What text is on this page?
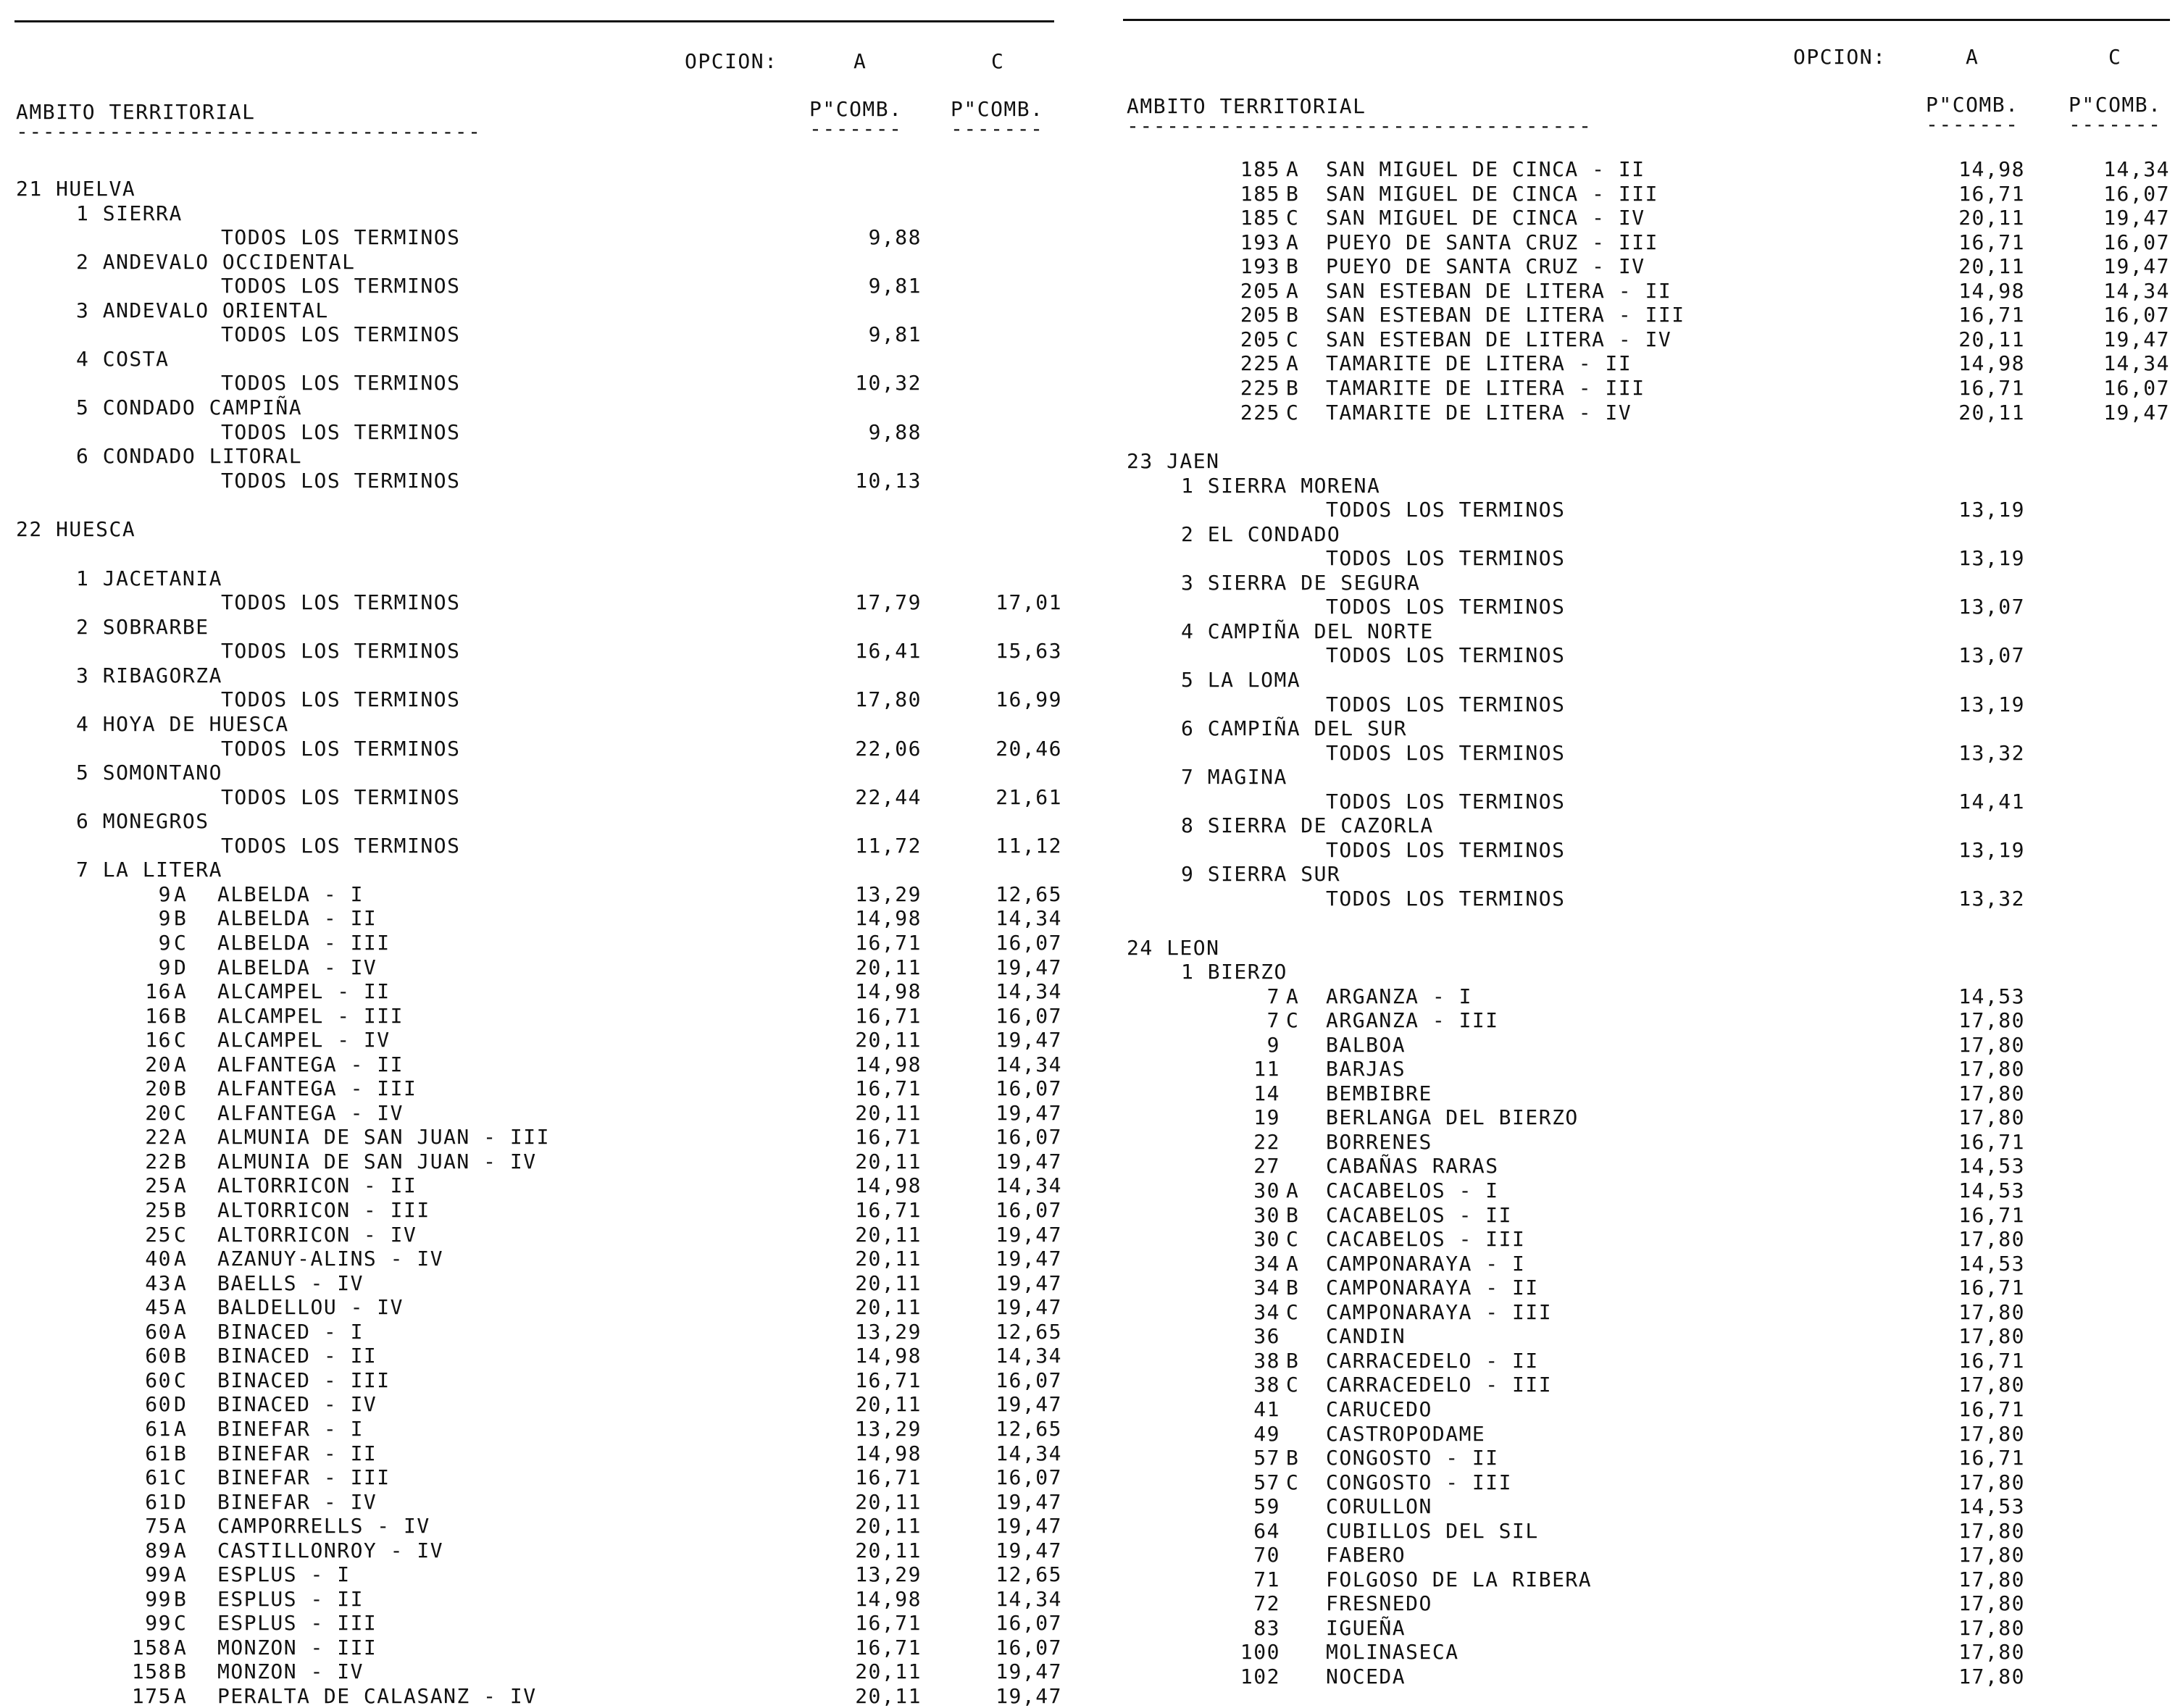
OPCION:	A	C
AMBITO TERRITORIAL	P"COMB. P"COMB.
-----------------------------------	------- -------
21 HUELVA
1 SIERRA
TODOS LOS TERMINOS	9,88
2 ANDEVALO OCCIDENTAL
TODOS LOS TERMINOS	9,81
3 ANDEVALO ORIENTAL
TODOS LOS TERMINOS	9,81
4 COSTA
TODOS LOS TERMINOS	10,32
5 CONDADO CAMPIÑA
TODOS LOS TERMINOS	9,88
6 CONDADO LITORAL
TODOS LOS TERMINOS	10,13
22 HUESCA
1 JACETANIA
TODOS LOS TERMINOS	17,79	17,01
2 SOBRARBE
TODOS LOS TERMINOS	16,41	15,63
3 RIBAGORZA
TODOS LOS TERMINOS	17,80	16,99
4 HOYA DE HUESCA
TODOS LOS TERMINOS	22,06	20,46
5 SOMONTANO
TODOS LOS TERMINOS	22,44	21,61
6 MONEGROS
TODOS LOS TERMINOS	11,72	11,12
7 LA LITERA
9 A ALBELDA - I	13,29	12,65
9 B ALBELDA - II	14,98	14,34
9 C ALBELDA - III	16,71	16,07
9 D ALBELDA - IV	20,11	19,47
16 A ALCAMPEL - II	14,98	14,34
16 B ALCAMPEL - III	16,71	16,07
16 C ALCAMPEL - IV	20,11	19,47
20 A ALFANTEGA - II	14,98	14,34
20 B ALFANTEGA - III	16,71	16,07
20 C ALFANTEGA - IV	20,11	19,47
22 A ALMUNIA DE SAN JUAN - III	16,71	16,07
22 B ALMUNIA DE SAN JUAN - IV	20,11	19,47
25 A ALTORRICON - II	14,98	14,34
25 B ALTORRICON - III	16,71	16,07
25 C ALTORRICON - IV	20,11	19,47
40 A AZANUY-ALINS - IV	20,11	19,47
43 A BAELLS - IV	20,11	19,47
45 A BALDELLOU - IV	20,11	19,47
60 A BINACED - I	13,29	12,65
60 B BINACED - II	14,98	14,34
60 C BINACED - III	16,71	16,07
60 D BINACED - IV	20,11	19,47
61 A BINEFAR - I	13,29	12,65
61 B BINEFAR - II	14,98	14,34
61 C BINEFAR - III	16,71	16,07
61 D BINEFAR - IV	20,11	19,47
75 A CAMPORRELLS - IV	20,11	19,47
89 A CASTILLONROY - IV	20,11	19,47
99 A ESPLUS - I	13,29	12,65
99 B ESPLUS - II	14,98	14,34
99 C ESPLUS - III	16,71	16,07
158 A MONZON - III	16,71	16,07
158 B MONZON - IV	20,11	19,47
175 A PERALTA DE CALASANZ - IV	20,11	19,47
OPCION:	A	C
AMBITO TERRITORIAL	P"COMB. P"COMB.
-----------------------------------	------- -------
185 A SAN MIGUEL DE CINCA - II	14,98	14,34
185 B SAN MIGUEL DE CINCA - III	16,71	16,07
185 C SAN MIGUEL DE CINCA - IV	20,11	19,47
193 A PUEYO DE SANTA CRUZ - III	16,71	16,07
193 B PUEYO DE SANTA CRUZ - IV	20,11	19,47
205 A SAN ESTEBAN DE LITERA - II	14,98	14,34
205 B SAN ESTEBAN DE LITERA - III	16,71	16,07
205 C SAN ESTEBAN DE LITERA - IV	20,11	19,47
225 A TAMARITE DE LITERA - II	14,98	14,34
225 B TAMARITE DE LITERA - III	16,71	16,07
225 C TAMARITE DE LITERA - IV	20,11	19,47
23 JAEN
1 SIERRA MORENA
TODOS LOS TERMINOS	13,19
2 EL CONDADO
TODOS LOS TERMINOS	13,19
3 SIERRA DE SEGURA
TODOS LOS TERMINOS	13,07
4 CAMPIÑA DEL NORTE
TODOS LOS TERMINOS	13,07
5 LA LOMA
TODOS LOS TERMINOS	13,19
6 CAMPIÑA DEL SUR
TODOS LOS TERMINOS	13,32
7 MAGINA
TODOS LOS TERMINOS	14,41
8 SIERRA DE CAZORLA
TODOS LOS TERMINOS	13,19
9 SIERRA SUR
TODOS LOS TERMINOS	13,32
24 LEON
1 BIERZO
7 A ARGANZA - I	14,53
7 C ARGANZA - III	17,80
9 BALBOA	17,80
11 BARJAS	17,80
14 BEMBIBRE	17,80
19 BERLANGA DEL BIERZO	17,80
22 BORRENES	16,71
27 CABAÑAS RARAS	14,53
30 A CACABELOS - I	14,53
30 B CACABELOS - II	16,71
30 C CACABELOS - III	17,80
34 A CAMPONARAYA - I	14,53
34 B CAMPONARAYA - II	16,71
34 C CAMPONARAYA - III	17,80
36 CANDIN	17,80
38 B CARRACEDELO - II	16,71
38 C CARRACEDELO - III	17,80
41 CARUCEDO	16,71
49 CASTROPODAME	17,80
57 B CONGOSTO - II	16,71
57 C CONGOSTO - III	17,80
59 CORULLON	14,53
64 CUBILLOS DEL SIL	17,80
70 FABERO	17,80
71 FOLGOSO DE LA RIBERA	17,80
72 FRESNEDO	17,80
83 IGUEÑA	17,80
100 MOLINASECA	17,80
102 NOCEDA	17,80
